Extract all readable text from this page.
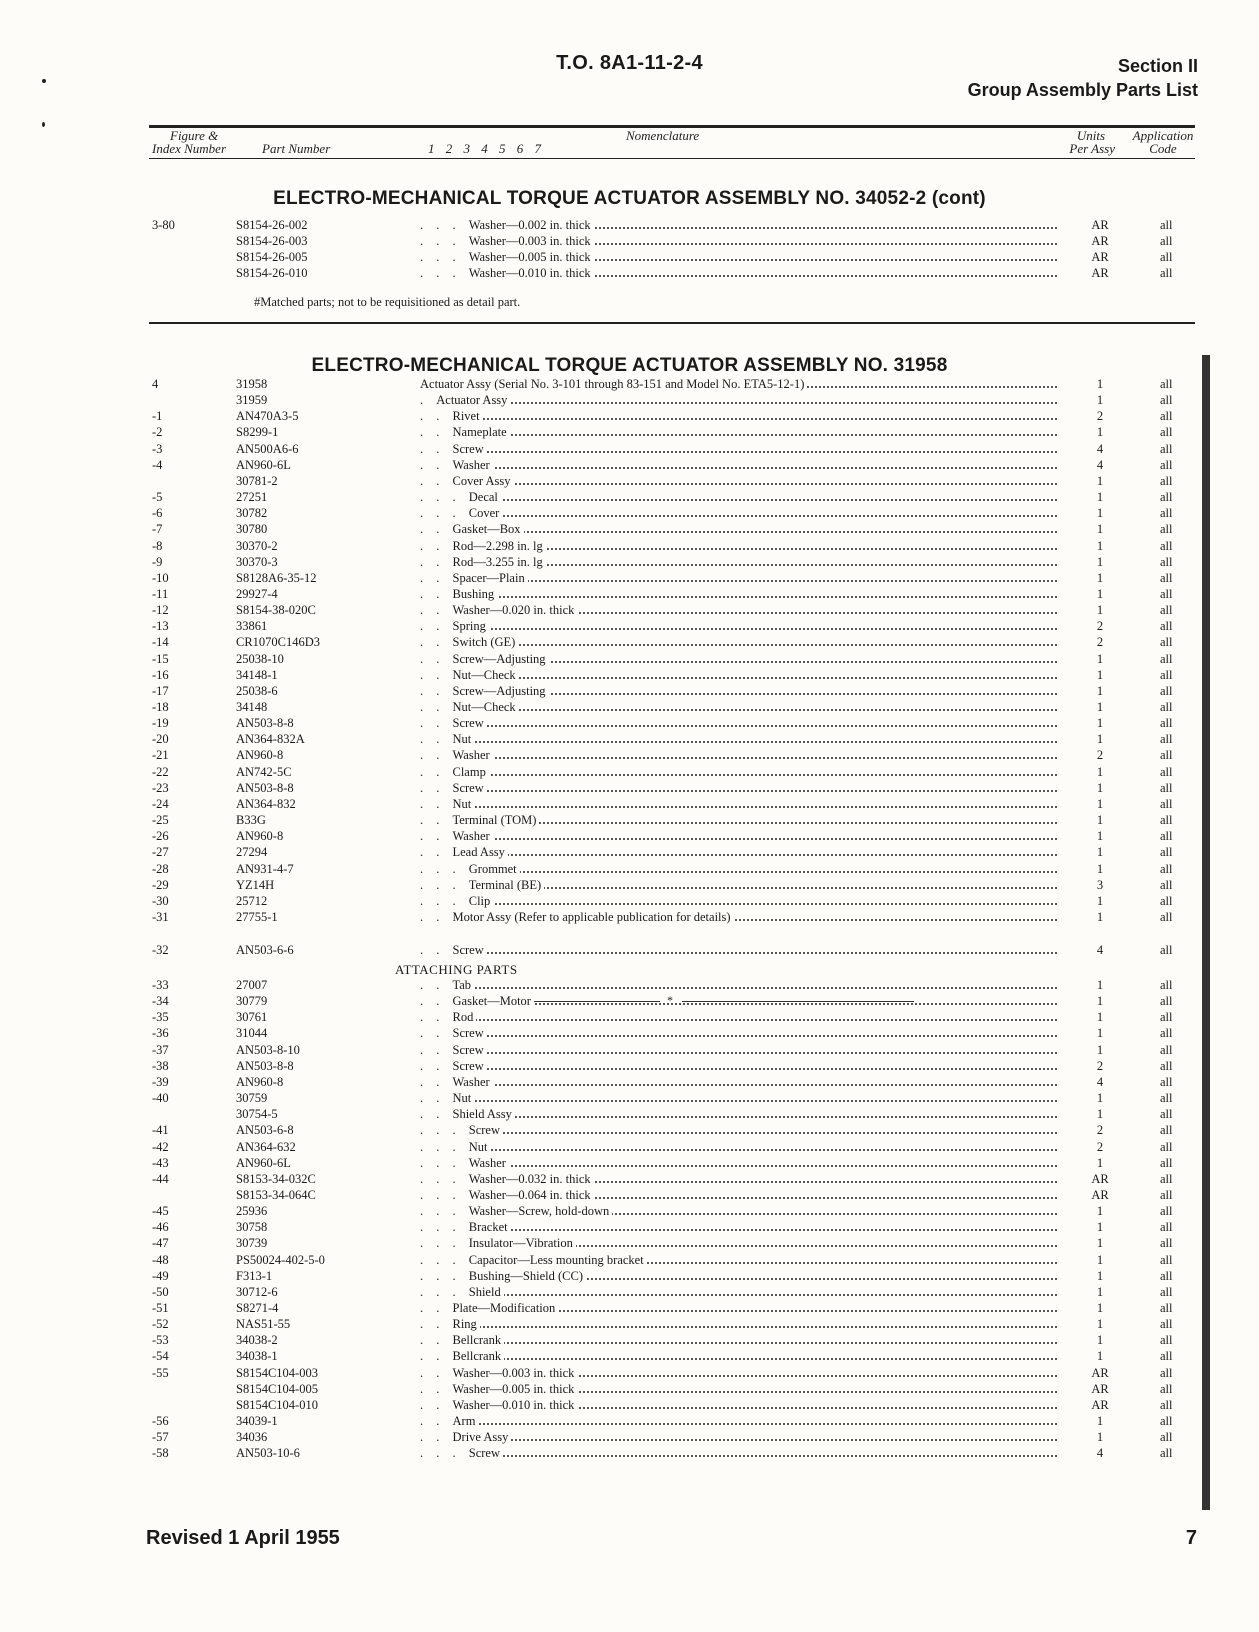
T.O. 8A1-11-2-4	Section II
Group Assembly Parts List
Figure &
Index Number	Part Number	1 2 3 4 5 6 7
Nomenclature	Units
Per Assy
Application
Code
ELECTRO-MECHANICAL TORQUE ACTUATOR ASSEMBLY NO. 34052-2 (cont)
3-80	S8154-26-002	. . . Washer—0.002 in. thick	AR	all
S8154-26-003	. . . Washer—0.003 in. thick	AR	all
S8154-26-005	. . . Washer—0.005 in. thick	AR	all
S8154-26-010	. . . Washer—0.010 in. thick	AR	all
#Matched parts; not to be requisitioned as detail part.
ELECTRO-MECHANICAL TORQUE ACTUATOR ASSEMBLY NO. 31958
4	31958	Actuator Assy (Serial No. 3-101 through 83-151 and Model No. ETA5-12-1)	1	all
31959	. Actuator Assy	1	all
-1	AN470A3-5	. . Rivet	2	all
-2	S8299-1	. . Nameplate	1	all
-3	AN500A6-6	. . Screw	4	all
-4	AN960-6L	. . Washer	4	all
30781-2	. . Cover Assy	1	all
-5	27251	. . . Decal	1	all
-6	30782	. . . Cover	1	all
-7	30780	. . Gasket—Box	1	all
-8	30370-2	. . Rod—2.298 in. lg	1	all
-9	30370-3	. . Rod—3.255 in. lg	1	all
-10	S8128A6-35-12	. . Spacer—Plain	1	all
-11	29927-4	. . Bushing	1	all
-12	S8154-38-020C	. . Washer—0.020 in. thick	1	all
-13	33861	. . Spring	2	all
-14	CR1070C146D3	. . Switch (GE)	2	all
-15	25038-10	. . Screw—Adjusting	1	all
-16	34148-1	. . Nut—Check	1	all
-17	25038-6	. . Screw—Adjusting	1	all
-18	34148	. . Nut—Check	1	all
-19	AN503-8-8	. . Screw	1	all
-20	AN364-832A	. . Nut	1	all
-21	AN960-8	. . Washer	2	all
-22	AN742-5C	. . Clamp	1	all
-23	AN503-8-8	. . Screw	1	all
-24	AN364-832	. . Nut	1	all
-25	B33G	. . Terminal (TOM)	1	all
-26	AN960-8	. . Washer	1	all
-27	27294	. . Lead Assy	1	all
-28	AN931-4-7	. . . Grommet	1	all
-29	YZ14H	. . . Terminal (BE)	3	all
-30	25712	. . . Clip	1	all
-31	27755-1	. . Motor Assy (Refer to applicable publication for details)	1	all
ATTACHING PARTS
-32	AN503-6-6	. . Screw	4	all
*
-33	27007	. . Tab	1	all
-34	30779	. . Gasket—Motor	1	all
-35	30761	. . Rod	1	all
-36	31044	. . Screw	1	all
-37	AN503-8-10	. . Screw	1	all
-38	AN503-8-8	. . Screw	2	all
-39	AN960-8	. . Washer	4	all
-40	30759	. . Nut	1	all
30754-5	. . Shield Assy	1	all
-41	AN503-6-8	. . . Screw	2	all
-42	AN364-632	. . . Nut	2	all
-43	AN960-6L	. . . Washer	1	all
-44	S8153-34-032C	. . . Washer—0.032 in. thick	AR	all
S8153-34-064C	. . . Washer—0.064 in. thick	AR	all
-45	25936	. . . Washer—Screw, hold-down	1	all
-46	30758	. . . Bracket	1	all
-47	30739	. . . Insulator—Vibration	1	all
-48	PS50024-402-5-0	. . . Capacitor—Less mounting bracket	1	all
-49	F313-1	. . . Bushing—Shield (CC)	1	all
-50	30712-6	. . . Shield	1	all
-51	S8271-4	. . Plate—Modification	1	all
-52	NAS51-55	. . Ring	1	all
-53	34038-2	. . Bellcrank	1	all
-54	34038-1	. . Bellcrank	1	all
-55	S8154C104-003	. . Washer—0.003 in. thick	AR	all
S8154C104-005	. . Washer—0.005 in. thick	AR	all
S8154C104-010	. . Washer—0.010 in. thick	AR	all
-56	34039-1	. . Arm	1	all
-57	34036	. . Drive Assy	1	all
-58	AN503-10-6	. . . Screw	4	all
Revised 1 April 1955	7
